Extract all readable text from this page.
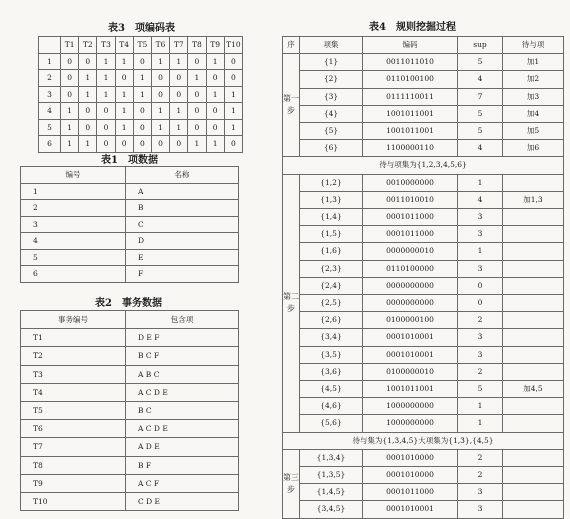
表3　项编码表
	T1	T2	T3	T4	T5	T6	T7	T8	T9	T10
1	0	0	1	1	0	1	1	0	1	0
2	0	1	1	0	1	0	0	1	0	0
3	0	1	1	1	1	0	0	0	1	1
4	1	0	0	1	0	1	1	0	0	1
5	1	0	0	1	0	1	1	0	0	1
6	1	1	0	0	0	0	0	1	1	0
表1　项数据
编号	名称
1	A
2	B
3	C
4	D
5	E
6	F
表2　事务数据
事务编号	包含项
T1	D E F
T2	B C F
T3	A B C
T4	A C D E
T5	B C
T6	A C D E
T7	A D E
T8	B F
T9	A C F
T10	C D E
表4　规则挖掘过程
序	项集	编码	sup	待与项
第一步	{1}	0011011010	5	加1
	{2}	0110100100	4	加2
	{3}	0111110011	7	加3
	{4}	1001011001	5	加4
	{5}	1001011001	5	加5
	{6}	1100000110	4	加6
待与项集为{1,2,3,4,5,6}				
第二步	{1,2}	0010000000	1	
	{1,3}	0011010010	4	加1,3
	{1,4}	0001011000	3	
	{1,5}	0001011000	3	
	{1,6}	0000000010	1	
	{2,3}	0110100000	3	
	{2,4}	0000000000	0	
	{2,5}	0000000000	0	
	{2,6}	0100000100	2	
	{3,4}	0001010001	3	
	{3,5}	0001010001	3	
	{3,6}	0100000010	2	
	{4,5}	1001011001	5	加4,5
	{4,6}	1000000000	1	
	{5,6}	1000000000	1	
待与集为{1,3,4,5}大项集为{1,3},{4,5}				
第三步	{1,3,4}	0001010000	2	
	{1,3,5}	0001010000	2	
	{1,4,5}	0001011000	3	
	{3,4,5}	0001010001	3	
